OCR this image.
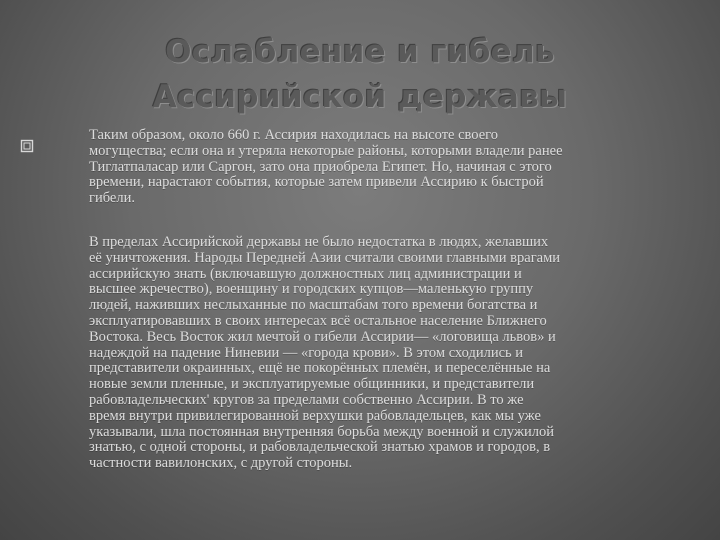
Ослабление и гибель
Ассирийской державы
Таким образом, около 660 г. Ассирия находилась на высоте своего
могущества; если она и утеряла некоторые районы, которыми владели ранее
Тиглатпаласар или Саргон, зато она приобрела Египет. Но, начиная с этого
времени, нарастают события, которые затем привели Ассирию к быстрой
гибели.
В пределах Ассирийской державы не было недостатка в людях, желавших
её уничтожения. Народы Передней Азии считали своими главными врагами
ассирийскую знать (включавшую должностных лиц администрации и
высшее жречество), военщину и городских купцов—маленькую группу
людей, наживших неслыханные по масштабам того времени богатства и
эксплуатировавших в своих интересах всё остальное население Ближнего
Востока. Весь Восток жил мечтой о гибели Ассирии— «логовища львов» и
надеждой на падение Ниневии — «города крови». В этом сходились и
представители окраинных, ещё не покорённых племён, и переселённые на
новые земли пленные, и эксплуатируемые общинники, и представители
рабовладельческих' кругов за пределами собственно Ассирии. В то же
время внутри привилегированной верхушки рабовладельцев, как мы уже
указывали, шла постоянная внутренняя борьба между военной и служилой
знатью, с одной стороны, и рабовладельческой знатью храмов и городов, в
частности вавилонских, с другой стороны.
